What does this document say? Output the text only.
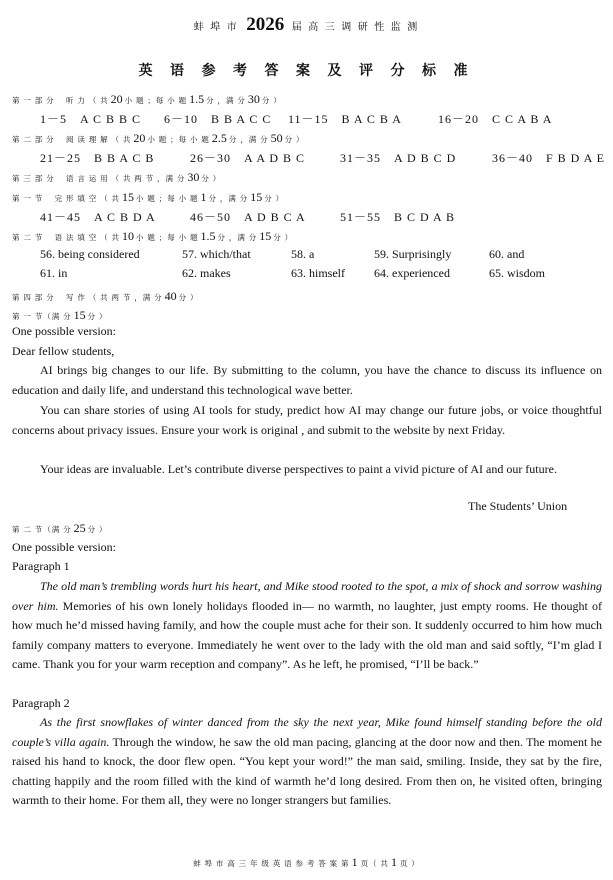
蚌 埠 市 2026 届 高 三 调 研 性 监 测
英 语 参 考 答 案 及 评 分 标 准
第 一 部 分　 听 力 （ 共 20 小 题 ；每 小 题 1.5 分 ，满 分 30 分 ）
1－5　A C B B C 6－10　B B A C C 11－15　B A C B A	16－20　C C A B A
第 二 部 分　 阅 读 理 解 （ 共 20 小 题 ；每 小 题 2.5 分 ，满 分 50 分 ）
21－25　B B A C B	26－30　A A D B C	31－35　A D B C D	36－40　F B D A E
第 三 部 分　 语 言 运 用 （ 共 两 节 ，满 分 30 分 ）
第 一 节　 完 形 填 空 （ 共 15 小 题 ；每 小 题 1 分 ，满 分 15 分 ）
41－45　A C B D A	46－50　A D B C A	51－55　B C D A B
第 二 节　 语 法 填 空 （ 共 10 小 题 ；每 小 题 1.5 分 ，满 分 15 分 ）
56. being considered	57. which/that	58. a	59. Surprisingly	60. and
61. in	62. makes	63. himself 64. experienced	65. wisdom
第 四 部 分　 写 作 （ 共 两 节 ，满 分 40 分 ）
第 一 节（满 分 15 分 ）
One possible version:
Dear fellow students,
AI brings big changes to our life. By submitting to the column, you have the chance to discuss its influence on education and daily life, and understand this technological wave better.
You can share stories of using AI tools for study, predict how AI may change our future jobs, or voice thoughtful concerns about privacy issues. Ensure your work is original , and submit to the website by next Friday.
Your ideas are invaluable. Let’s contribute diverse perspectives to paint a vivid picture of AI and our future.
The Students’ Union
第 二 节（满 分 25 分 ）
One possible version:
Paragraph 1
The old man’s trembling words hurt his heart, and Mike stood rooted to the spot, a mix of shock and sorrow washing over him. Memories of his own lonely holidays flooded in— no warmth, no laughter, just empty rooms. He thought of how much he’d missed having family, and how the couple must ache for their son. It suddenly occurred to him how much family company matters to everyone. Immediately he went over to the lady with the old man and said softly, “I’m glad I came. Thank you for your warm reception and company”. As he left, he promised, “I’ll be back.”
Paragraph 2
As the first snowflakes of winter danced from the sky the next year, Mike found himself standing before the old couple’s villa again. Through the window, he saw the old man pacing, glancing at the door now and then. The moment he raised his hand to knock, the door flew open. “You kept your word!” the man said, smiling. Inside, they sat by the fire, chatting happily and the room filled with the kind of warmth he’d long desired. From then on, he visited often, bringing warmth to their home. For them all, they were no longer strangers but families.
蚌 埠 市 高 三 年 级 英 语 参 考 答 案 第 1 页（ 共 1 页 ）
